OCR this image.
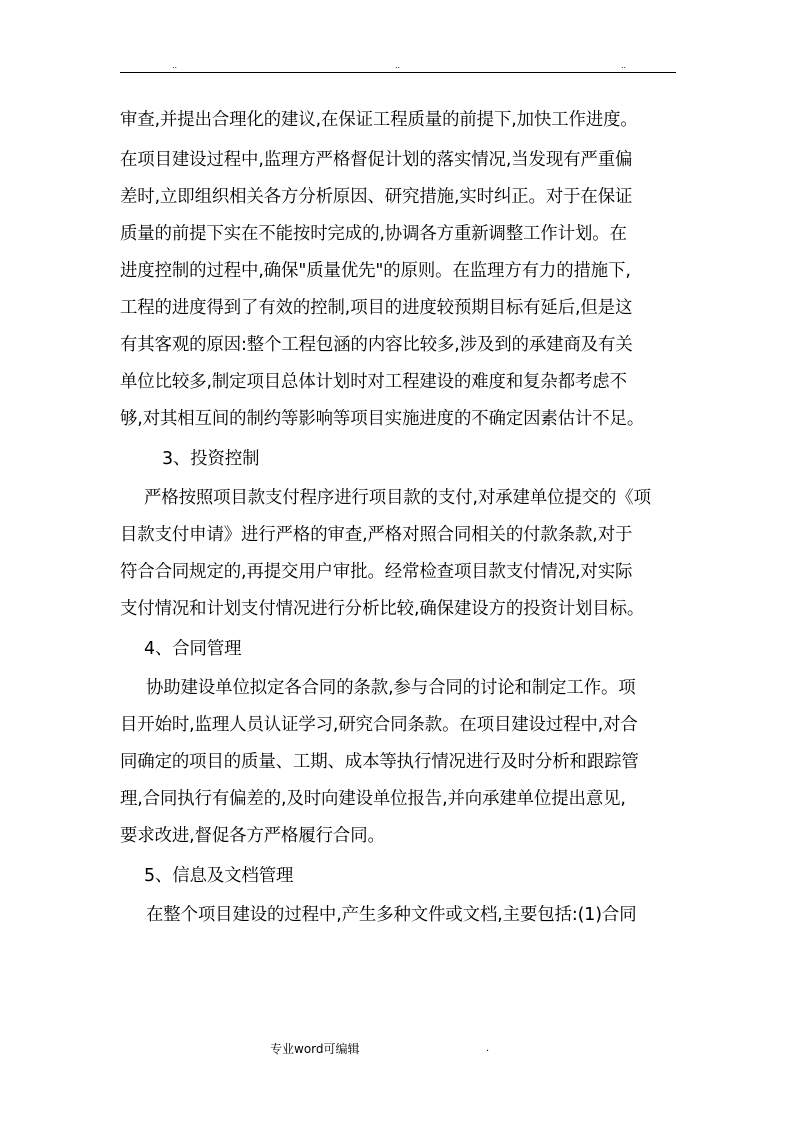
..	..	..
审查,并提出合理化的建议,在保证工程质量的前提下,加快工作进度。
在项目建设过程中,监理方严格督促计划的落实情况,当发现有严重偏
差时,立即组织相关各方分析原因、研究措施,实时纠正。对于在保证
质量的前提下实在不能按时完成的,协调各方重新调整工作计划。在
进度控制的过程中,确保"质量优先"的原则。在监理方有力的措施下,
工程的进度得到了有效的控制,项目的进度较预期目标有延后,但是这
有其客观的原因:整个工程包涵的内容比较多,涉及到的承建商及有关
单位比较多,制定项目总体计划时对工程建设的难度和复杂都考虑不
够,对其相互间的制约等影响等项目实施进度的不确定因素估计不足。
3、投资控制
严格按照项目款支付程序进行项目款的支付,对承建单位提交的《项
目款支付申请》进行严格的审查,严格对照合同相关的付款条款,对于
符合合同规定的,再提交用户审批。经常检查项目款支付情况,对实际
支付情况和计划支付情况进行分析比较,确保建设方的投资计划目标。
4、合同管理
协助建设单位拟定各合同的条款,参与合同的讨论和制定工作。项
目开始时,监理人员认证学习,研究合同条款。在项目建设过程中,对合
同确定的项目的质量、工期、成本等执行情况进行及时分析和跟踪管
理,合同执行有偏差的,及时向建设单位报告,并向承建单位提出意见,
要求改进,督促各方严格履行合同。
5、信息及文档管理
在整个项目建设的过程中,产生多种文件或文档,主要包括:(1)合同
专业word可编辑	.
